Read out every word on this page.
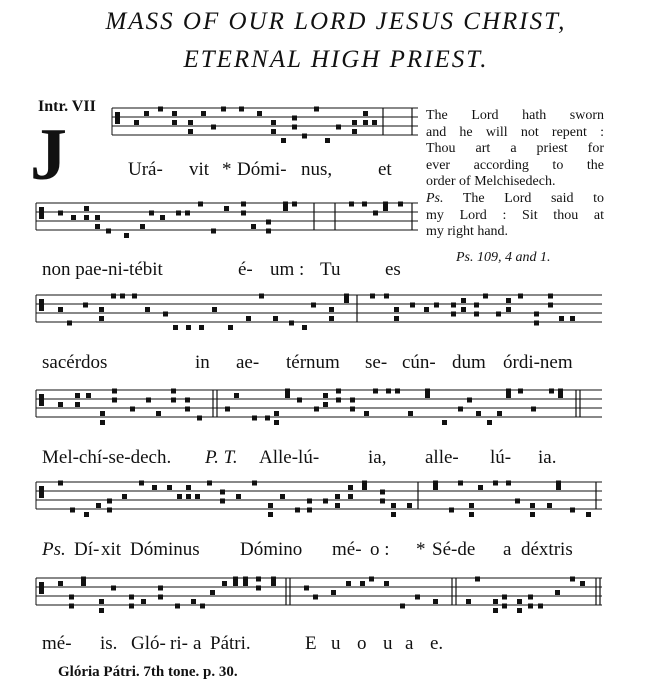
MASS OF OUR LORD JESUS CHRIST,
ETERNAL HIGH PRIEST.
Intr. VII
J	Urá- vit * Dómi- nus, et
non pae-ni-tébit	é- um : Tu es
sacérdos	in ae- térnum se- cún- dum órdi-nem
Mel-chí-se-dech. P. T. Alle-lú-	ia, alle- lú- ia.
Ps. Dí- xit Dóminus Dómino mé- o : * Sé-de a déxtris
mé- is. Gló- ri- a Pátri.	E u o u a e.
The Lord hath sworn
and he will not repent :
Thou art a priest for
ever according to the
order of Melchisedech.
Ps. The Lord said to
my Lord : Sit thou at
my right hand.
Ps. 109, 4 and 1.
Glória Pátri. 7th tone. p. 30.
